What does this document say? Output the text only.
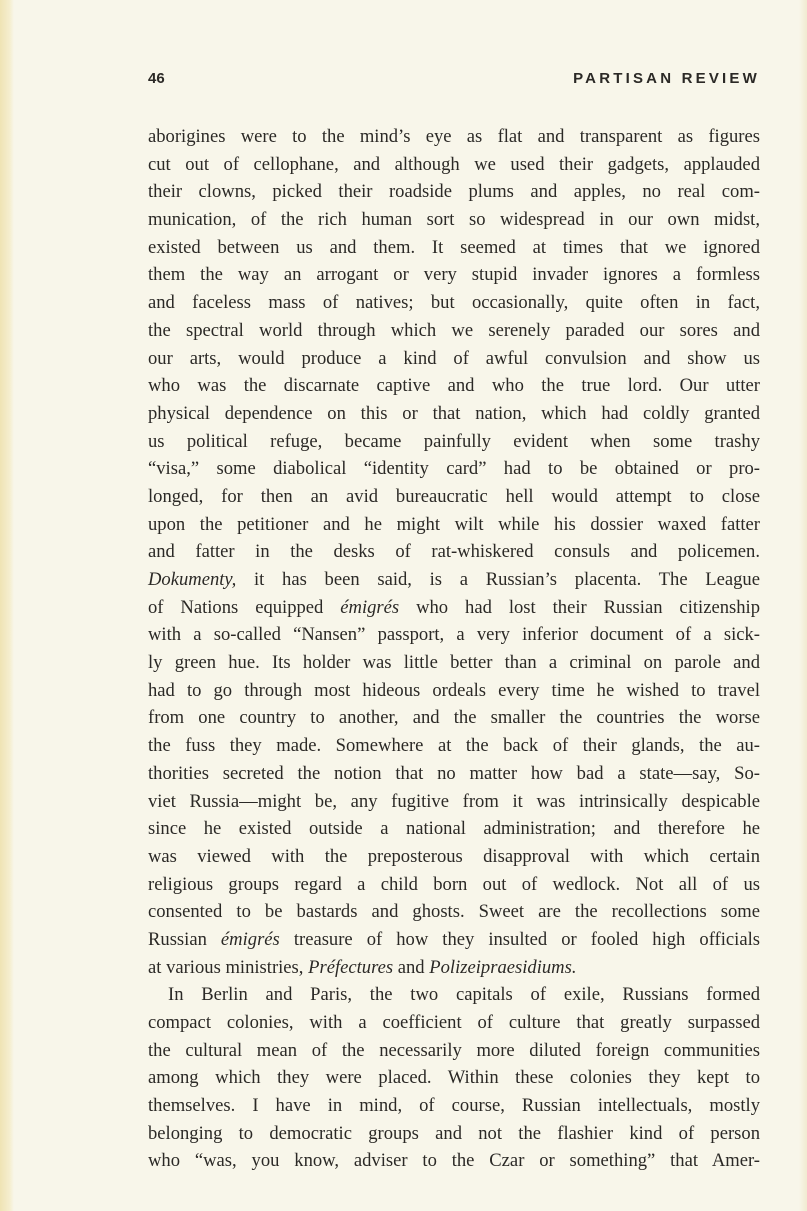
46	PARTISAN REVIEW
aborigines were to the mind’s eye as flat and transparent as figures
cut out of cellophane, and although we used their gadgets, applauded
their clowns, picked their roadside plums and apples, no real com-
munication, of the rich human sort so widespread in our own midst,
existed between us and them. It seemed at times that we ignored
them the way an arrogant or very stupid invader ignores a formless
and faceless mass of natives; but occasionally, quite often in fact,
the spectral world through which we serenely paraded our sores and
our arts, would produce a kind of awful convulsion and show us
who was the discarnate captive and who the true lord. Our utter
physical dependence on this or that nation, which had coldly granted
us political refuge, became painfully evident when some trashy
“visa,” some diabolical “identity card” had to be obtained or pro-
longed, for then an avid bureaucratic hell would attempt to close
upon the petitioner and he might wilt while his dossier waxed fatter
and fatter in the desks of rat-whiskered consuls and policemen.
Dokumenty, it has been said, is a Russian’s placenta. The League
of Nations equipped émigrés who had lost their Russian citizenship
with a so-called “Nansen” passport, a very inferior document of a sick-
ly green hue. Its holder was little better than a criminal on parole and
had to go through most hideous ordeals every time he wished to travel
from one country to another, and the smaller the countries the worse
the fuss they made. Somewhere at the back of their glands, the au-
thorities secreted the notion that no matter how bad a state—say, So-
viet Russia—might be, any fugitive from it was intrinsically despicable
since he existed outside a national administration; and therefore he
was viewed with the preposterous disapproval with which certain
religious groups regard a child born out of wedlock. Not all of us
consented to be bastards and ghosts. Sweet are the recollections some
Russian émigrés treasure of how they insulted or fooled high officials
at various ministries, Préfectures and Polizeipraesidiums.
In Berlin and Paris, the two capitals of exile, Russians formed
compact colonies, with a coefficient of culture that greatly surpassed
the cultural mean of the necessarily more diluted foreign communities
among which they were placed. Within these colonies they kept to
themselves. I have in mind, of course, Russian intellectuals, mostly
belonging to democratic groups and not the flashier kind of person
who “was, you know, adviser to the Czar or something” that Amer-
